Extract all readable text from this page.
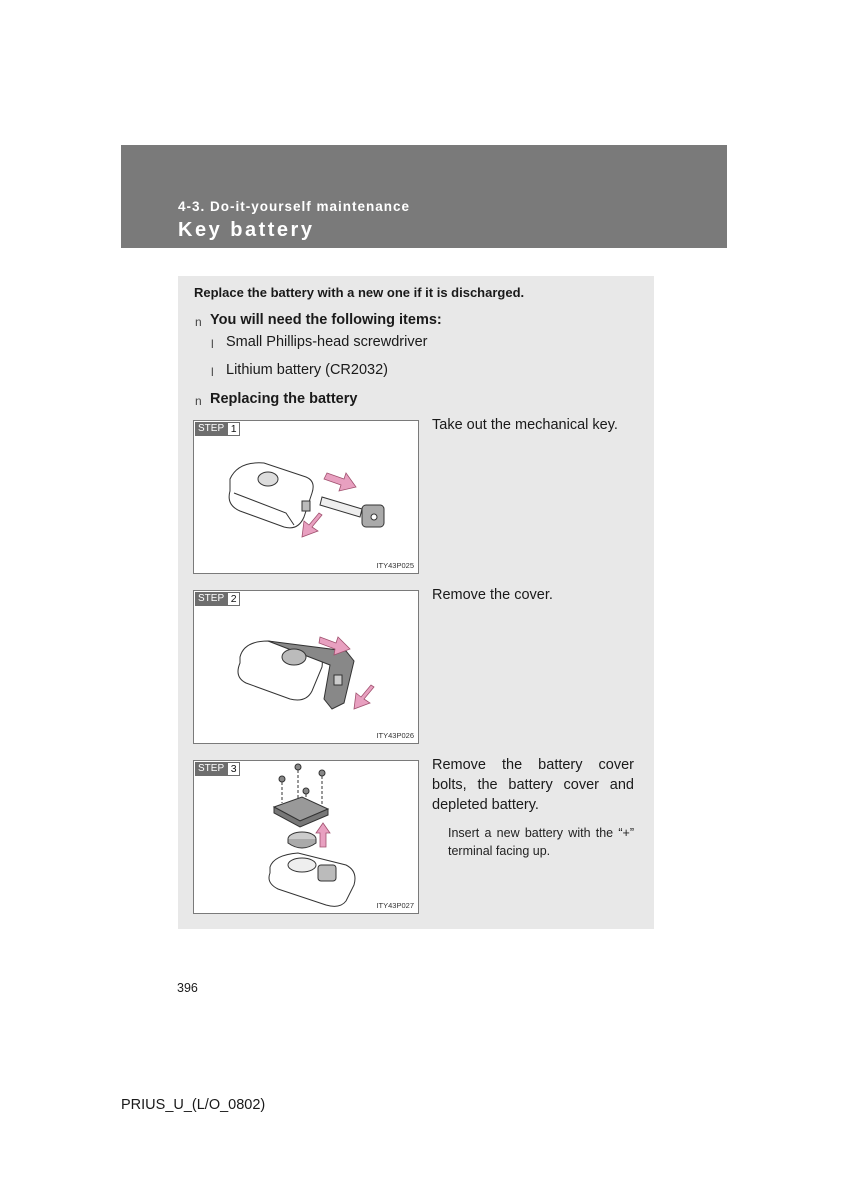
4-3. Do-it-yourself maintenance
Key battery
Replace the battery with a new one if it is discharged.
n You will need the following items:
l Small Phillips-head screwdriver
l Lithium battery (CR2032)
n Replacing the battery
STEP 1
ITY43P025
Take out the mechanical key.
STEP 2
ITY43P026
Remove the cover.
STEP 3
ITY43P027
Remove the battery cover bolts, the battery cover and depleted battery.
Insert a new battery with the “+” terminal facing up.
396
PRIUS_U_(L/O_0802)
